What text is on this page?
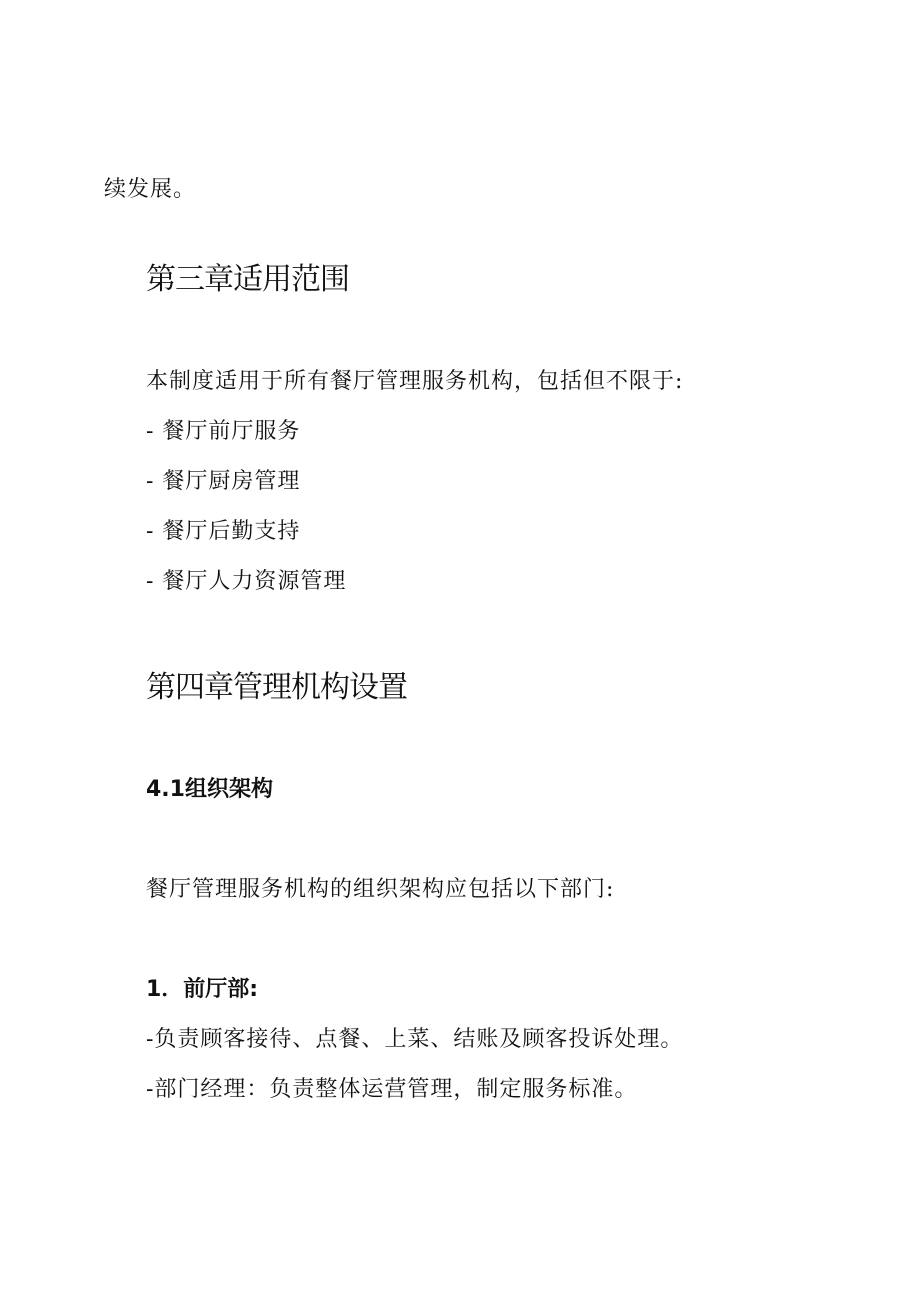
续发展。

第三章适用范围

本制度适用于所有餐厅管理服务机构，包括但不限于:

- 餐厅前厅服务

- 餐厅厨房管理

- 餐厅后勤支持

- 餐厅人力资源管理

第四章管理机构设置
4.1组织架构

餐厅管理服务机构的组织架构应包括以下部门:

1．前厅部:

-负责顾客接待、点餐、上菜、结账及顾客投诉处理。

-部门经理：负责整体运营管理，制定服务标准。
